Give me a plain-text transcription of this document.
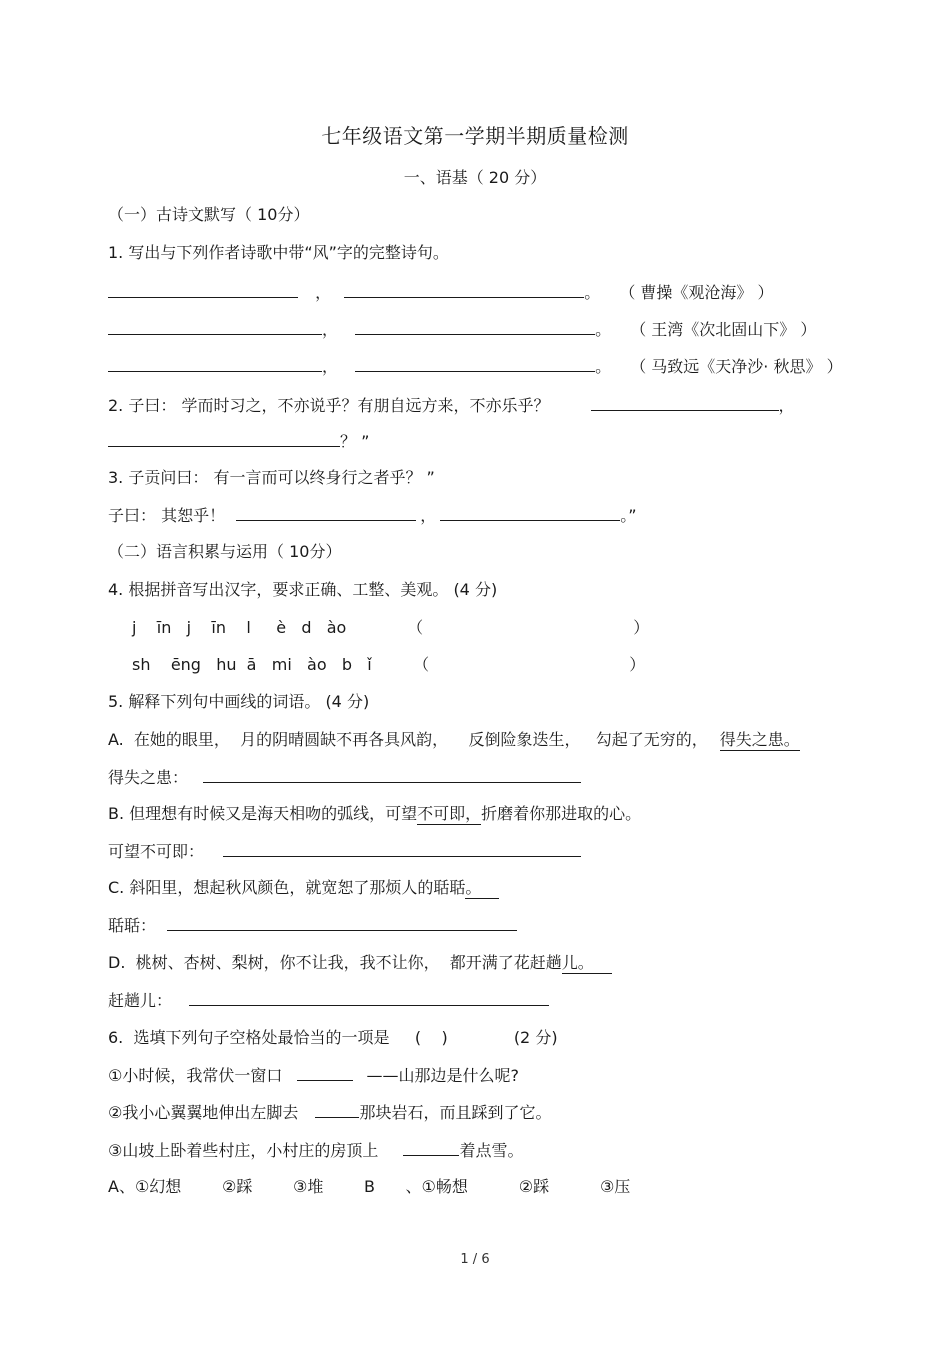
七年级语文第一学期半期质量检测
一、语基（ 20 分）
（一）古诗文默写（ 10分）
1. 写出与下列作者诗歌中带“风”字的完整诗句。
，	。 （ 曹操《观沧海》 ）
，	。 （ 王湾《次北固山下》 ）
，	。 （ 马致远《天净沙· 秋思》 ）
2. 子曰： 学而时习之，不亦说乎？有朋自远方来，不亦乐乎？	，
？ ”
3. 子贡问曰： 有一言而可以终身行之者乎？ ”
子曰： 其恕乎！	，	。”
（二）语言积累与运用（ 10分）
4. 根据拼音写出汉字，要求正确、工整、美观。 (4 分)
j    īn   j    īn    l     è   d   ào	（	）
sh    ēng   hu  ā   mi   ào   b   ǐ	（	）
5. 解释下列句中画线的词语。 (4 分)
A.  在她的眼里，  月的阴晴圆缺不再各具风韵，    反倒险象迭生，   勾起了无穷的， 得失之患。
得失之患：
B. 但理想有时候又是海天相吻的弧线，可望不可即，折磨着你那进取的心。
可望不可即：
C. 斜阳里，想起秋风颜色，就宽恕了那烦人的聒聒。
聒聒：
D.  桃树、杏树、梨树，你不让我，我不让你，  都开满了花赶趟儿。
赶趟儿：
6.  选填下列句子空格处最恰当的一项是     (    )             (2 分)
①小时候，我常伏一窗口	——山那边是什么呢?
②我小心翼翼地伸出左脚去	那块岩石，而且踩到了它。
③山坡上卧着些村庄，小村庄的房顶上	着点雪。
A、①幻想        ②踩        ③堆        B      、①畅想          ②踩          ③压
1 / 6
